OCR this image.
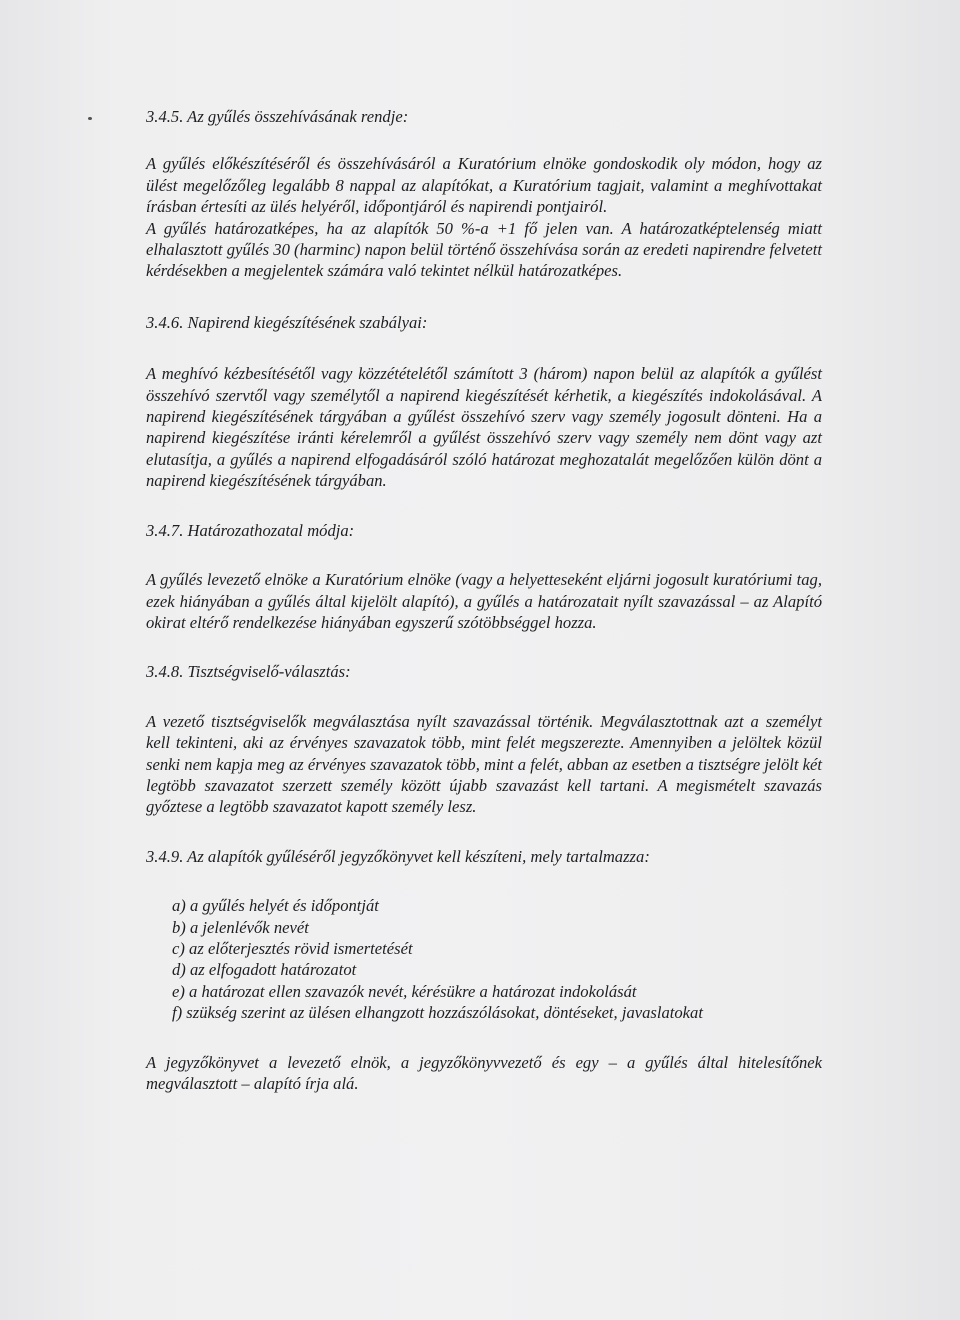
3.4.5. Az gyűlés összehívásának rendje:

A gyűlés előkészítéséről és összehívásáról a Kuratórium elnöke gondoskodik oly módon, hogy az ülést megelőzőleg legalább 8 nappal az alapítókat, a Kuratórium tagjait, valamint a meghívottakat írásban értesíti az ülés helyéről, időpontjáról és napirendi pontjairól.

A gyűlés határozatképes, ha az alapítók 50 %-a +1 fő jelen van. A határozatképtelenség miatt elhalasztott gyűlés 30 (harminc) napon belül történő összehívása során az eredeti napirendre felvetett kérdésekben a megjelentek számára való tekintet nélkül határozatképes.

3.4.6. Napirend kiegészítésének szabályai:

A meghívó kézbesítésétől vagy közzétételétől számított 3 (három) napon belül az alapítók a gyűlést összehívó szervtől vagy személytől a napirend kiegészítését kérhetik, a kiegészítés indokolásával. A napirend kiegészítésének tárgyában a gyűlést összehívó szerv vagy személy jogosult dönteni. Ha a napirend kiegészítése iránti kérelemről a gyűlést összehívó szerv vagy személy nem dönt vagy azt elutasítja, a gyűlés a napirend elfogadásáról szóló határozat meghozatalát megelőzően külön dönt a napirend kiegészítésének tárgyában.

3.4.7. Határozathozatal módja:

A gyűlés levezető elnöke a Kuratórium elnöke (vagy a helyetteseként eljárni jogosult kuratóriumi tag, ezek hiányában a gyűlés által kijelölt alapító), a gyűlés a határozatait nyílt szavazással – az Alapító okirat eltérő rendelkezése hiányában egyszerű szótöbbséggel hozza.

3.4.8. Tisztségviselő-választás:

A vezető tisztségviselők megválasztása nyílt szavazással történik. Megválasztottnak azt a személyt kell tekinteni, aki az érvényes szavazatok több, mint felét megszerezte. Amennyiben a jelöltek közül senki nem kapja meg az érvényes szavazatok több, mint a felét, abban az esetben a tisztségre jelölt két legtöbb szavazatot szerzett személy között újabb szavazást kell tartani. A megismételt szavazás győztese a legtöbb szavazatot kapott személy lesz.

3.4.9. Az alapítók gyűléséről jegyzőkönyvet kell készíteni, mely tartalmazza:

a) a gyűlés helyét és időpontját
b) a jelenlévők nevét
c) az előterjesztés rövid ismertetését
d) az elfogadott határozatot
e) a határozat ellen szavazók nevét, kérésükre a határozat indokolását
f) szükség szerint az ülésen elhangzott hozzászólásokat, döntéseket, javaslatokat

A jegyzőkönyvet a levezető elnök, a jegyzőkönyvvezető és egy – a gyűlés által hitelesítőnek megválasztott – alapító írja alá.
